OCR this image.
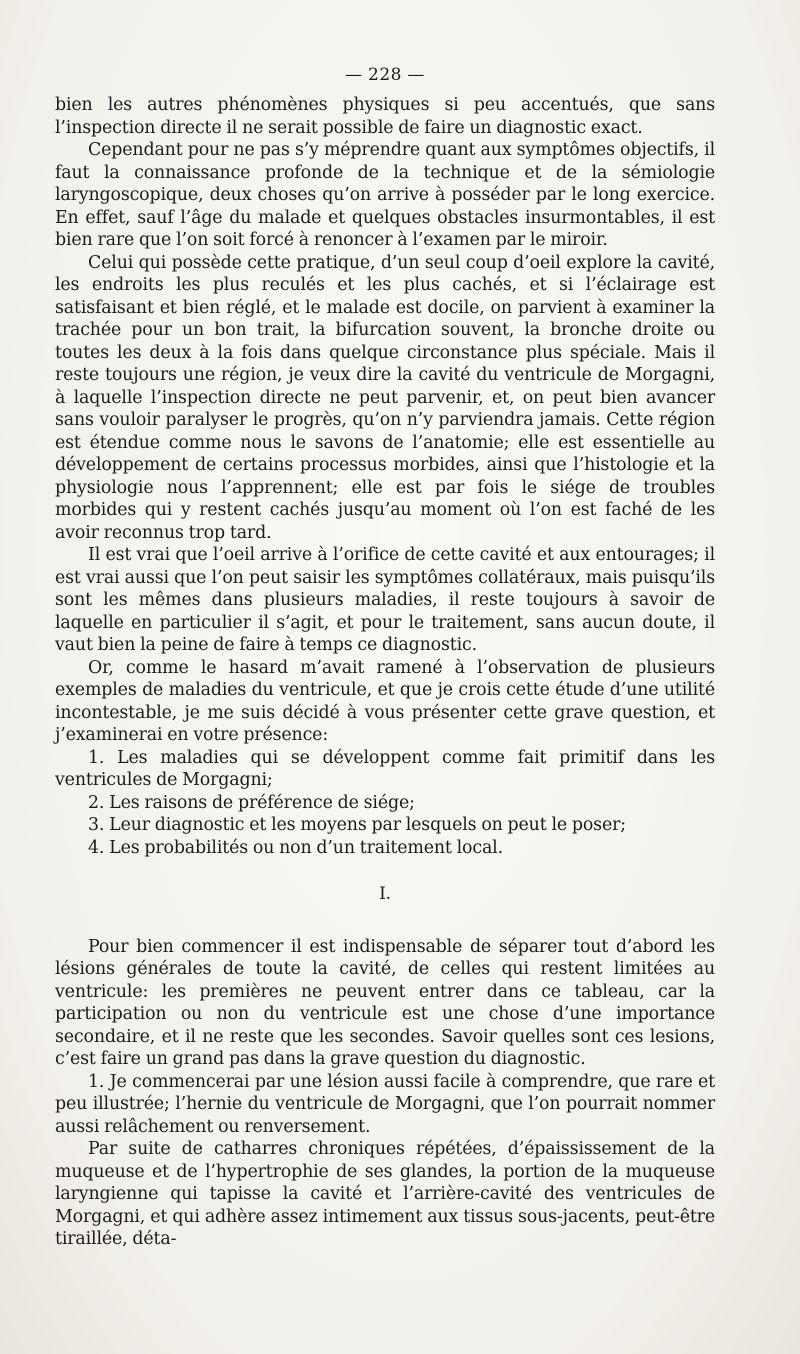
— 228 —

bien les autres phénomènes physiques si peu accentués, que sans l’inspection directe il ne serait possible de faire un diagnostic exact.

Cependant pour ne pas s’y méprendre quant aux symptômes objectifs, il faut la connaissance profonde de la technique et de la sémiologie laryngoscopique, deux choses qu’on arrive à posséder par le long exercice. En effet, sauf l’âge du malade et quelques obstacles insurmontables, il est bien rare que l’on soit forcé à renoncer à l’examen par le miroir.

Celui qui possède cette pratique, d’un seul coup d’oeil explore la cavité, les endroits les plus reculés et les plus cachés, et si l’éclairage est satisfaisant et bien réglé, et le malade est docile, on parvient à examiner la trachée pour un bon trait, la bifurcation souvent, la bronche droite ou toutes les deux à la fois dans quelque circonstance plus spéciale. Mais il reste toujours une région, je veux dire la cavité du ventricule de Morgagni, à laquelle l’inspection directe ne peut parvenir, et, on peut bien avancer sans vouloir paralyser le progrès, qu’on n’y parviendra jamais. Cette région est étendue comme nous le savons de l’anatomie; elle est essentielle au développement de certains processus morbides, ainsi que l’histologie et la physiologie nous l’apprennent; elle est par fois le siége de troubles morbides qui y restent cachés jusqu’au moment où l’on est faché de les avoir reconnus trop tard.

Il est vrai que l’oeil arrive à l’orifice de cette cavité et aux entourages; il est vrai aussi que l’on peut saisir les symptômes collatéraux, mais puisqu’ils sont les mêmes dans plusieurs maladies, il reste toujours à savoir de laquelle en particulier il s’agit, et pour le traitement, sans aucun doute, il vaut bien la peine de faire à temps ce diagnostic.

Or, comme le hasard m’avait ramené à l’observation de plusieurs exemples de maladies du ventricule, et que je crois cette étude d’une utilité incontestable, je me suis décidé à vous présenter cette grave question, et j’examinerai en votre présence:

1. Les maladies qui se développent comme fait primitif dans les ventricules de Morgagni;

2. Les raisons de préférence de siége;

3. Leur diagnostic et les moyens par lesquels on peut le poser;

4. Les probabilités ou non d’un traitement local.

I.

Pour bien commencer il est indispensable de séparer tout d’abord les lésions générales de toute la cavité, de celles qui restent limitées au ventricule: les premières ne peuvent entrer dans ce tableau, car la participation ou non du ventricule est une chose d’une importance secondaire, et il ne reste que les secondes. Savoir quelles sont ces lesions, c’est faire un grand pas dans la grave question du diagnostic.

1. Je commencerai par une lésion aussi facile à comprendre, que rare et peu illustrée; l’hernie du ventricule de Morgagni, que l’on pourrait nommer aussi relâchement ou renversement.

Par suite de catharres chroniques répétées, d’épaississement de la muqueuse et de l’hypertrophie de ses glandes, la portion de la muqueuse laryngienne qui tapisse la cavité et l’arrière-cavité des ventricules de Morgagni, et qui adhère assez intimement aux tissus sous-jacents, peut-être tiraillée, déta-
